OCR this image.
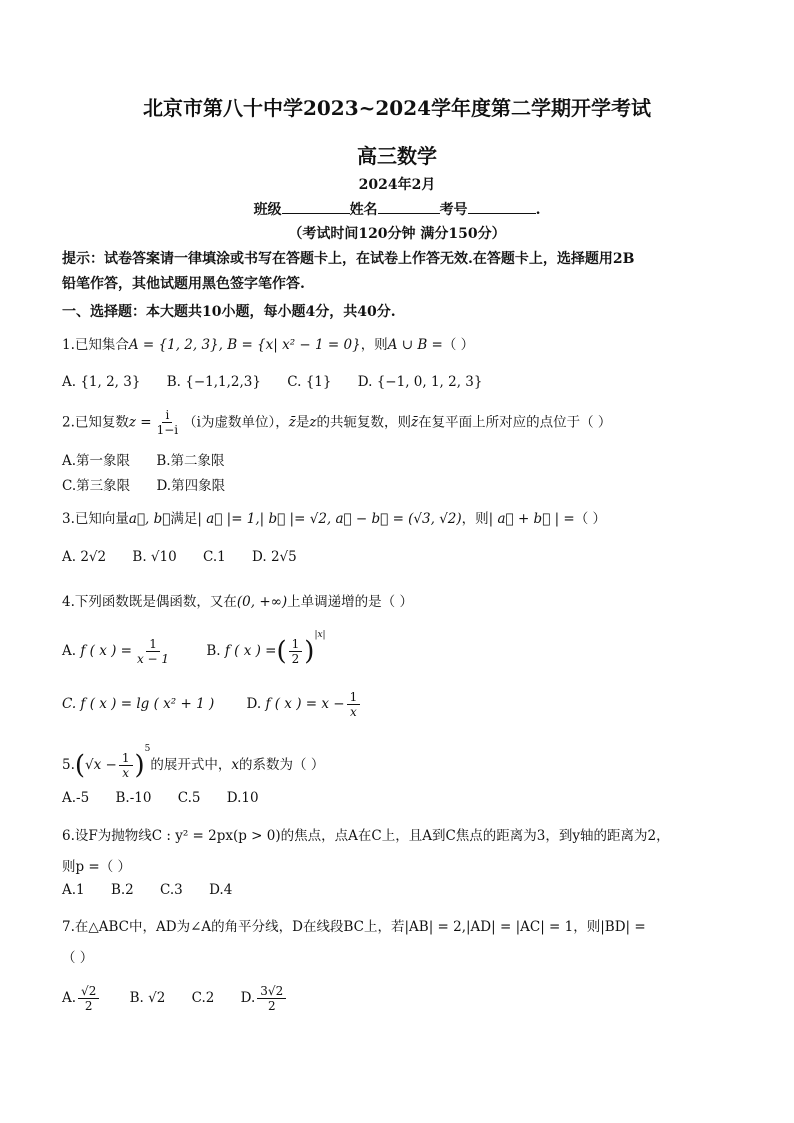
北京市第八十中学2023~2024学年度第二学期开学考试
高三数学
2024年2月
班级	姓名	考号	.
（考试时间120分钟 满分150分）
提示：试卷答案请一律填涂或书写在答题卡上，在试卷上作答无效.在答题卡上，选择题用2B
铅笔作答，其他试题用黑色签字笔作答.
一、选择题：本大题共10小题，每小题4分，共40分.
1.已知集合A = {1, 2, 3}, B = {x| x² − 1 = 0}，则A ∪ B =（ ）
A. {1, 2, 3} B. {−1,1,2,3} C. {1} D. {−1, 0, 1, 2, 3}
2.已知复数$z = \frac{i}{1-i} (i$为虚数单位），z̄是z的共轭复数，则z̄在复平面上所对应的点位于（ ）
A.第一象限 B.第二象限
C.第三象限 D.第四象限
3.已知向量a⃗, b⃗满足| a⃗ |= 1,| b⃗ |= √2, a⃗ − b⃗ = (√3, √2)，则| a⃗ + b⃗ | =（ ）
A. 2√2 B. √10 C.1 D. 2√5
4.下列函数既是偶函数，又在(0, +∞)上单调递增的是（ ）
A. f ( x ) = $\frac{1}{x - 1}$	B. f ( x ) =( $\frac{1}{2} )^{|x|}$
C. f ( x ) = lg ( x² + 1 ) D. f ( x ) = $x - \frac{1}{x}$
$5.(√x - \frac{1}{x} )^5$的展开式中，x的系数为（ ）
A.-5 B.-10 C.5 D.10
6.设F为抛物线C : y² = 2px(p > 0)的焦点，点A在C上，且A到C焦点的距离为3，到y轴的距离为2，
则p =（ ）
A.1 B.2 C.3 D.4
7.在△ABC中，AD为∠A的角平分线，D在线段BC上，若|AB| = 2,|AD| = |AC| = 1，则|BD| =
（ ）
A. $\frac{√2}{2} B$. √2 C.2 D. $\frac{3√2}{2}$
